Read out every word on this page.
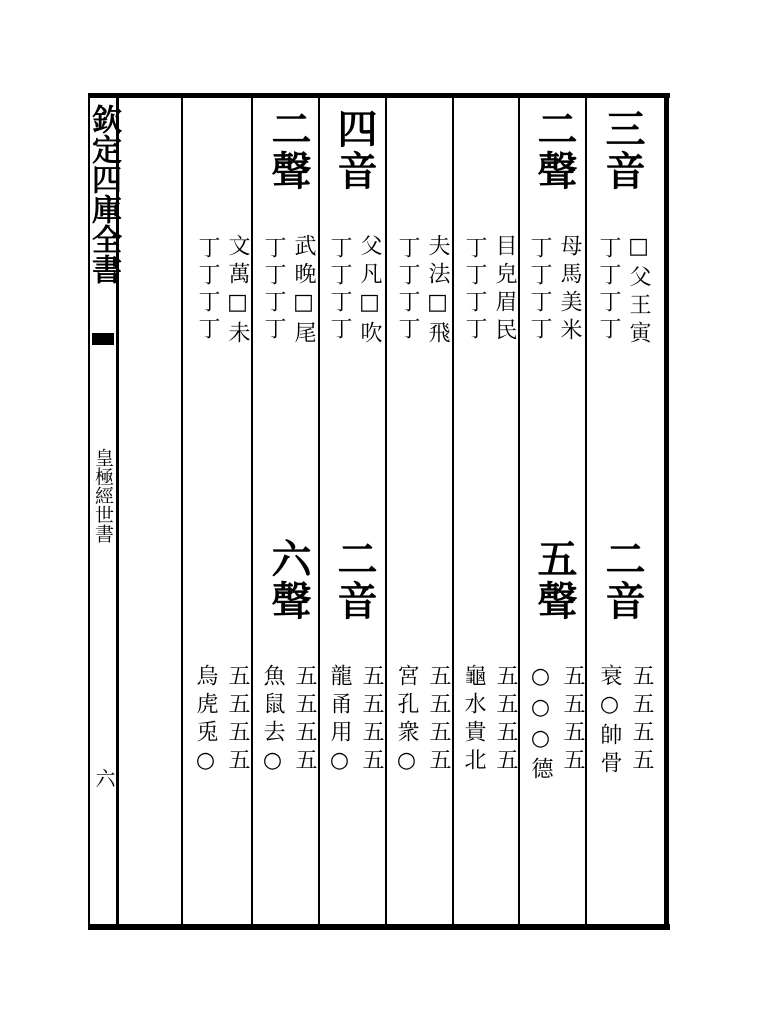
欽定四庫全書
皇極經世書
六
三音
二聲
四音
二聲
□父王寅
丁丁丁丁
母馬美米
丁丁丁丁
目皃眉民
丁丁丁丁
夫法□飛
丁丁丁丁
父凡□吹
丁丁丁丁
武晚□尾
丁丁丁丁
文萬□未
丁丁丁丁
二音
五聲
二音
六聲
五五五五
衰○帥骨
五五五五
○○○德
五五五五
龜水貴北
五五五五
宮孔衆○
五五五五
龍甬用○
五五五五
魚鼠去○
五五五五
烏虎兎○
